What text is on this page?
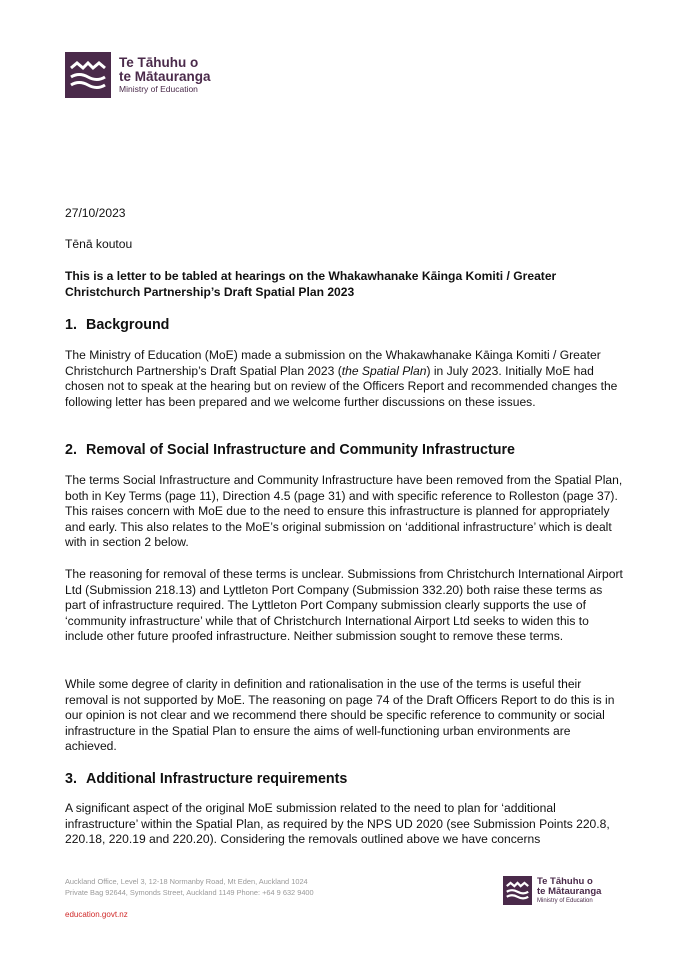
Te Tāhuhu o
te Mātauranga
Ministry of Education

27/10/2023

Tēnā koutou

This is a letter to be tabled at hearings on the Whakawhanake Kāinga Komiti / Greater Christchurch Partnership’s Draft Spatial Plan 2023

1. Background

The Ministry of Education (MoE) made a submission on the Whakawhanake Kāinga Komiti / Greater Christchurch Partnership’s Draft Spatial Plan 2023 (the Spatial Plan) in July 2023. Initially MoE had chosen not to speak at the hearing but on review of the Officers Report and recommended changes the following letter has been prepared and we welcome further discussions on these issues.

2. Removal of Social Infrastructure and Community Infrastructure

The terms Social Infrastructure and Community Infrastructure have been removed from the Spatial Plan, both in Key Terms (page 11), Direction 4.5 (page 31) and with specific reference to Rolleston (page 37). This raises concern with MoE due to the need to ensure this infrastructure is planned for appropriately and early. This also relates to the MoE’s original submission on ‘additional infrastructure’ which is dealt with in section 2 below.

The reasoning for removal of these terms is unclear. Submissions from Christchurch International Airport Ltd (Submission 218.13) and Lyttleton Port Company (Submission 332.20) both raise these terms as part of infrastructure required. The Lyttleton Port Company submission clearly supports the use of ‘community infrastructure’ while that of Christchurch International Airport Ltd seeks to widen this to include other future proofed infrastructure. Neither submission sought to remove these terms.

While some degree of clarity in definition and rationalisation in the use of the terms is useful their removal is not supported by MoE. The reasoning on page 74 of the Draft Officers Report to do this is in our opinion is not clear and we recommend there should be specific reference to community or social infrastructure in the Spatial Plan to ensure the aims of well-functioning urban environments are achieved.

3. Additional Infrastructure requirements

A significant aspect of the original MoE submission related to the need to plan for ‘additional infrastructure’ within the Spatial Plan, as required by the NPS UD 2020 (see Submission Points 220.8, 220.18, 220.19 and 220.20). Considering the removals outlined above we have concerns

Auckland Office, Level 3, 12-18 Normanby Road, Mt Eden, Auckland 1024
Private Bag 92644, Symonds Street, Auckland 1149 Phone: +64 9 632 9400
education.govt.nz
Te Tāhuhu o
te Mātauranga
Ministry of Education
